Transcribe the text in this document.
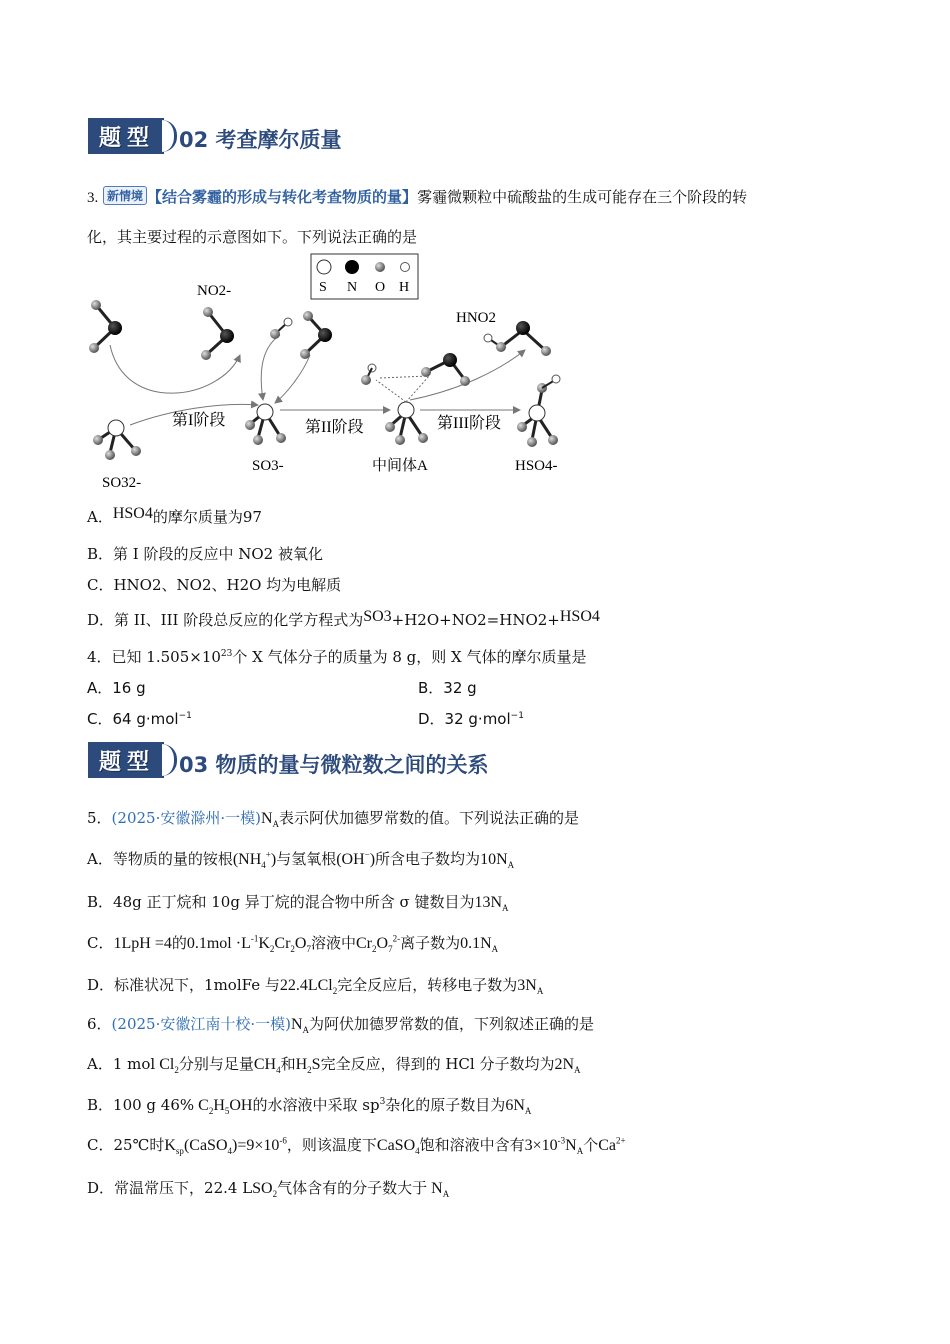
题型	02 考查摩尔质量
3. 新情境 【结合雾霾的形成与转化考查物质的量】雾霾微颗粒中硫酸盐的生成可能存在三个阶段的转
化，其主要过程的示意图如下。下列说法正确的是
S N O H
NO2-
SO32-
SO3-
第I阶段	第II阶段
中间体A
第III阶段
HNO2
HSO4-
A．HSO4的摩尔质量为97
B．第 I 阶段的反应中 NO2 被氧化
C．HNO2、NO2、H2O 均为电解质
D．第 II、III 阶段总反应的化学方程式为SO3+H2O+NO2=HNO2+HSO4
4．已知 $1.505\times 10^{23}$个 X 气体分子的质量为 8 g，则 X 气体的摩尔质量是
A．16 g	B．32 g
C．64 g·mol$^{-1}$	D．32 g·mol$^{-1}$
题型	03 物质的量与微粒数之间的关系
5．(2025·安徽滁州·一模)$N_A$表示阿伏加德罗常数的值。下列说法正确的是
A．等物质的量的铵根$(NH_4^+)$与氢氧根(OH−)所含电子数均为$10N_A$
B．48g 正丁烷和 10g 异丁烷的混合物中所含 σ 键数目为$13N_A$
C．1LpH =4的$0.1mol \cdot L^{-1}K_2Cr_2O_7$溶液中$Cr_2O_7^{2-}$离子数为$0.1N_A$
D．标准状况下，1molFe 与22.4LCl$_2$完全反应后，转移电子数为$3N_A$
6．(2025·安徽江南十校·一模)$N_A$为阿伏加德罗常数的值，下列叙述正确的是
A．1 mol $Cl_2$分别与足量$CH_4$和$H_2S$完全反应，得到的 HCl 分子数均为$2N_A$
B．100 g 46% $C_2H_5OH$的水溶液中采取 $sp^3$杂化的原子数目为$6N_A$
C．25℃时$K_{sp}(CaSO_4)=9\times 10^{-6}$，则该温度下CaSO$_4$饱和溶液中含有$3\times 10^{-3}N_A$个$Ca^{2+}$
D．常温常压下，22.4 $LSO_2$气体含有的分子数大于 $N_A$
